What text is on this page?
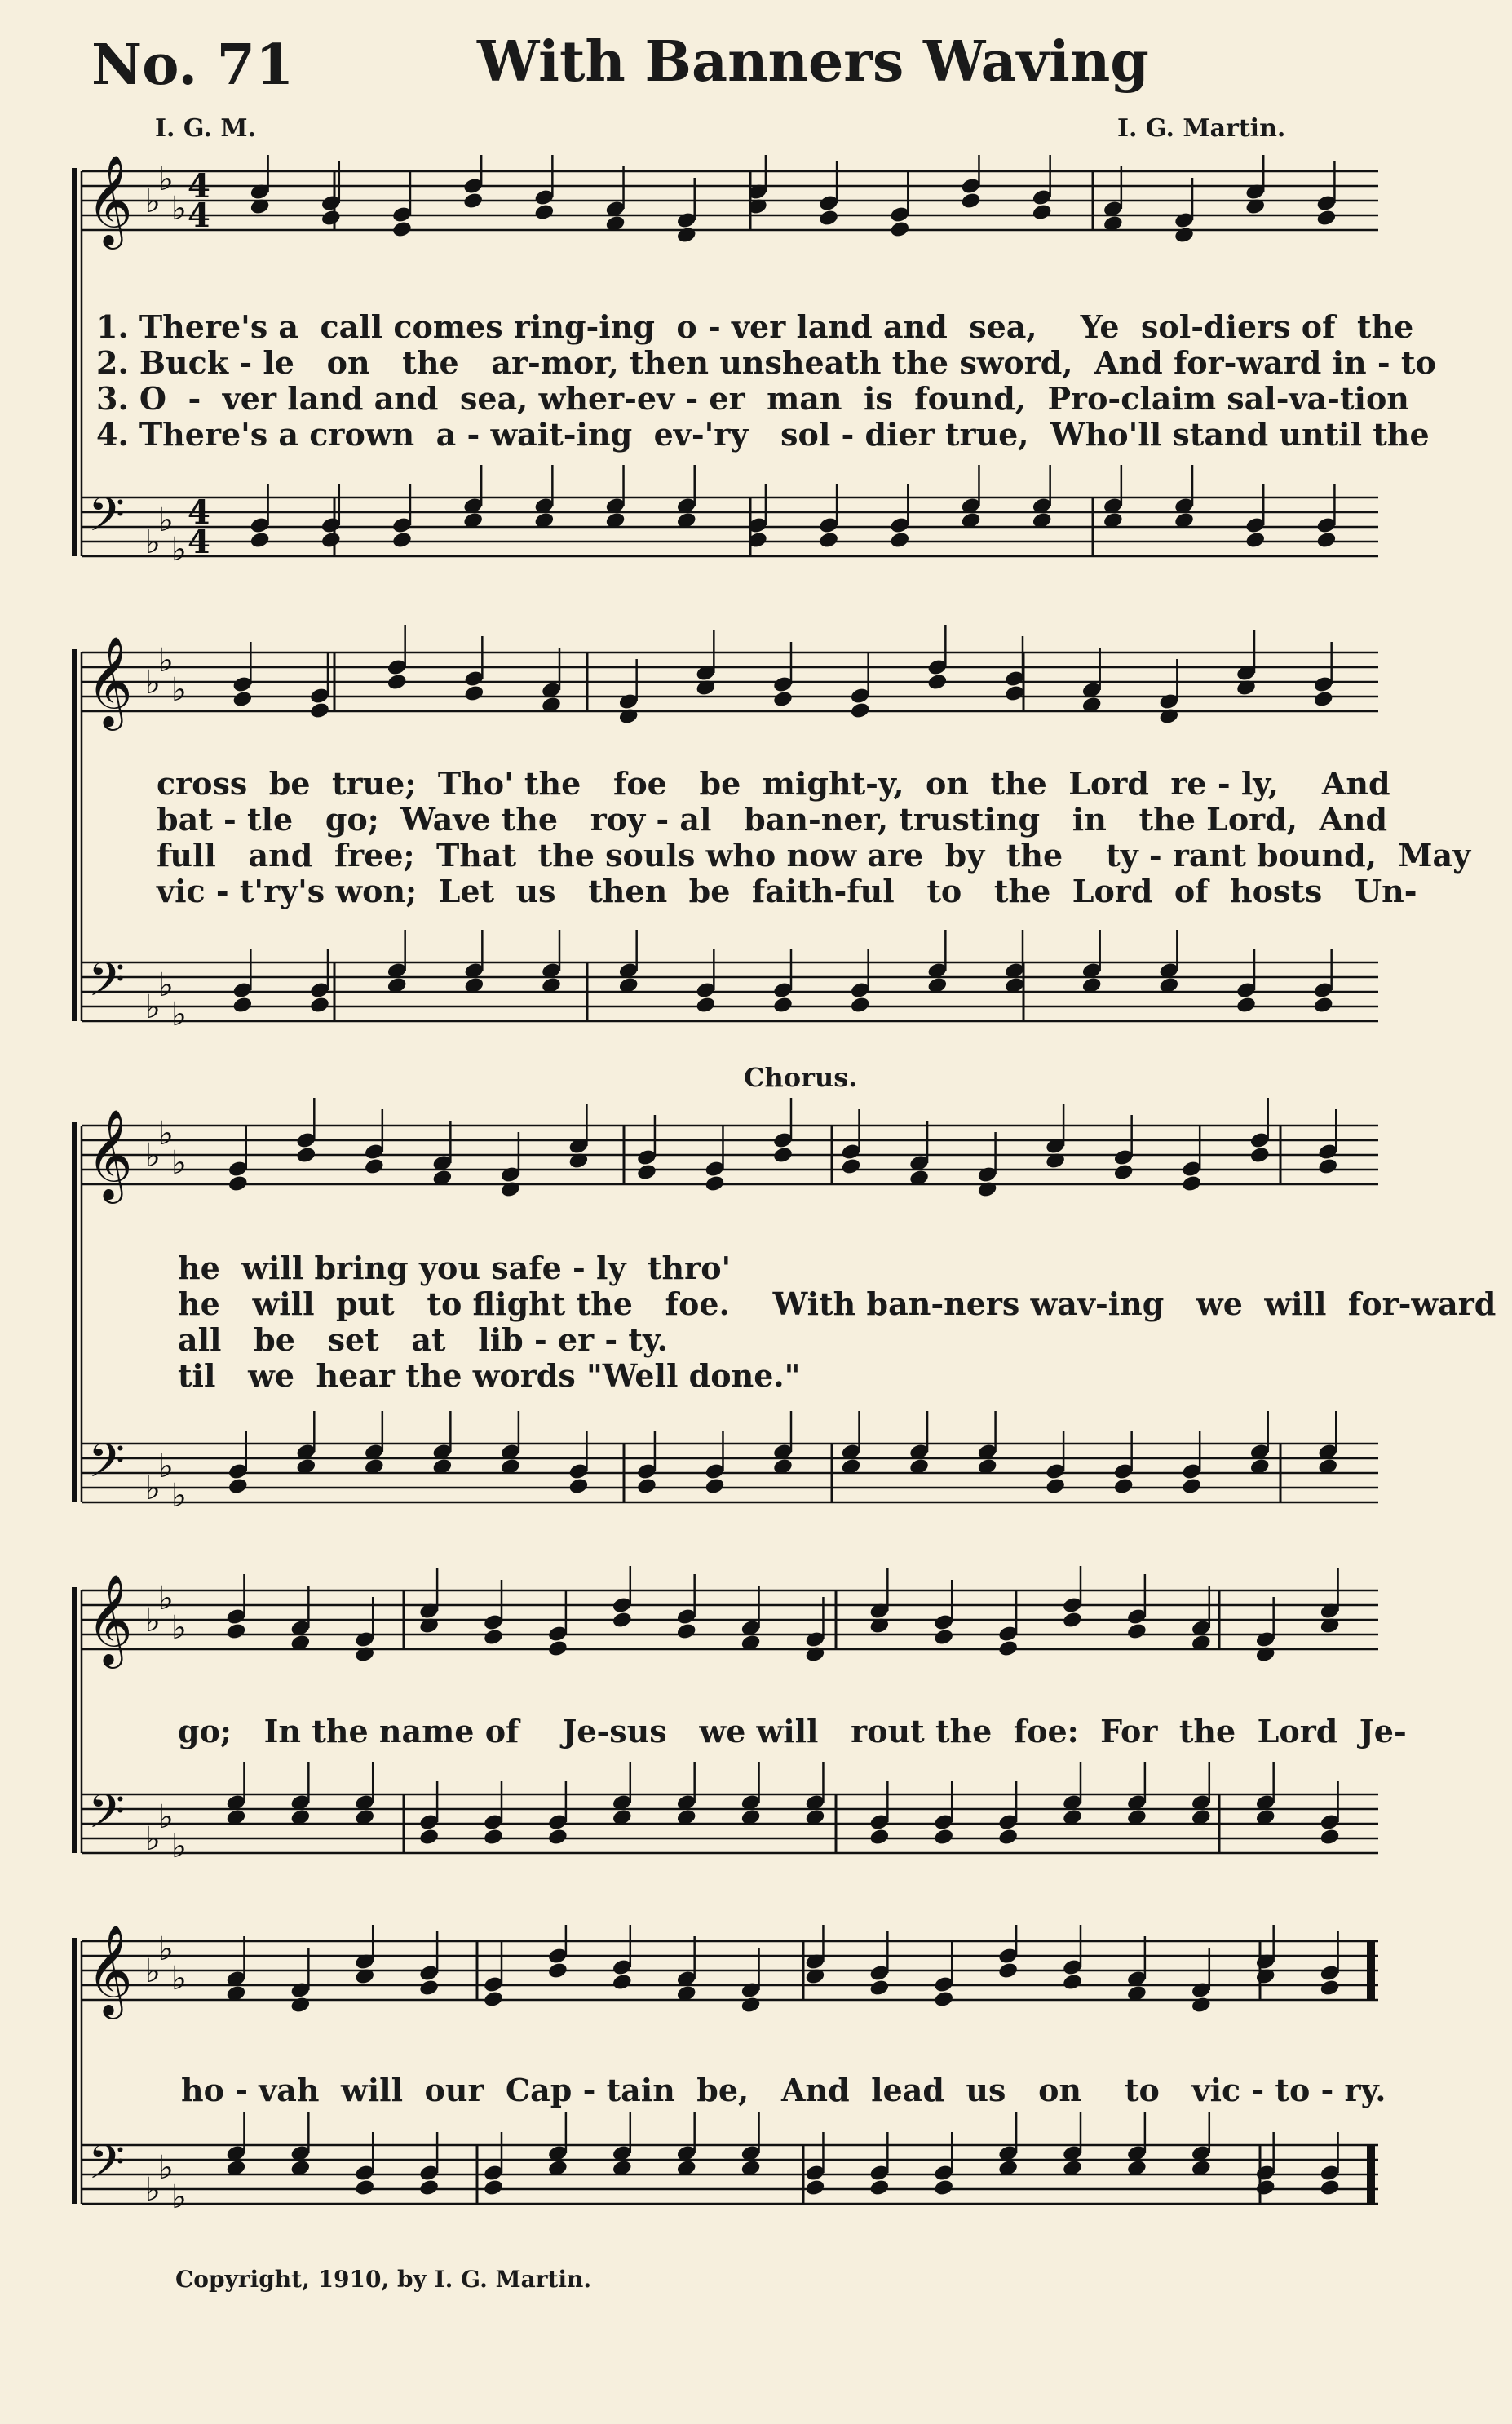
No. 71	With Banners Waving
I. G. M.	I. G. Martin.
𝄞
𝄢
♭
♭
♭
♭
♭
♭
4
4
4
4
1. There's a  call comes ring-ing  o - ver land and  sea,    Ye  sol-diers of  the
2. Buck - le   on   the   ar-mor, then unsheath the sword,  And for-ward in - to
3. O  -  ver land and  sea, wher-ev - er  man  is  found,  Pro-claim sal-va-tion
4. There's a crown  a - wait-ing  ev-'ry   sol - dier true,  Who'll stand until the
𝄞
𝄢
♭
♭
♭
♭
♭
♭
cross  be  true;  Tho' the   foe   be  might-y,  on  the  Lord  re - ly,    And
bat - tle   go;  Wave the   roy - al   ban-ner, trusting   in   the Lord,  And
full   and  free;  That  the souls who now are  by  the    ty - rant bound,  May
vic - t'ry's won;  Let  us   then  be  faith-ful   to   the  Lord  of  hosts   Un-
Chorus.
𝄞
𝄢
♭
♭
♭
♭
♭
♭
he  will bring you safe - ly  thro'
he   will  put   to flight the   foe.    With ban-ners wav-ing   we  will  for-ward
all   be   set   at   lib - er - ty.
til   we  hear the words "Well done."
𝄞
𝄢
♭
♭
♭
♭
♭
♭
go;   In the name of    Je-sus   we will   rout the  foe:  For  the  Lord  Je-
𝄞
𝄢
♭
♭
♭
♭
♭
♭
ho - vah  will  our  Cap - tain  be,   And  lead  us   on    to   vic - to - ry.
Copyright, 1910, by I. G. Martin.
